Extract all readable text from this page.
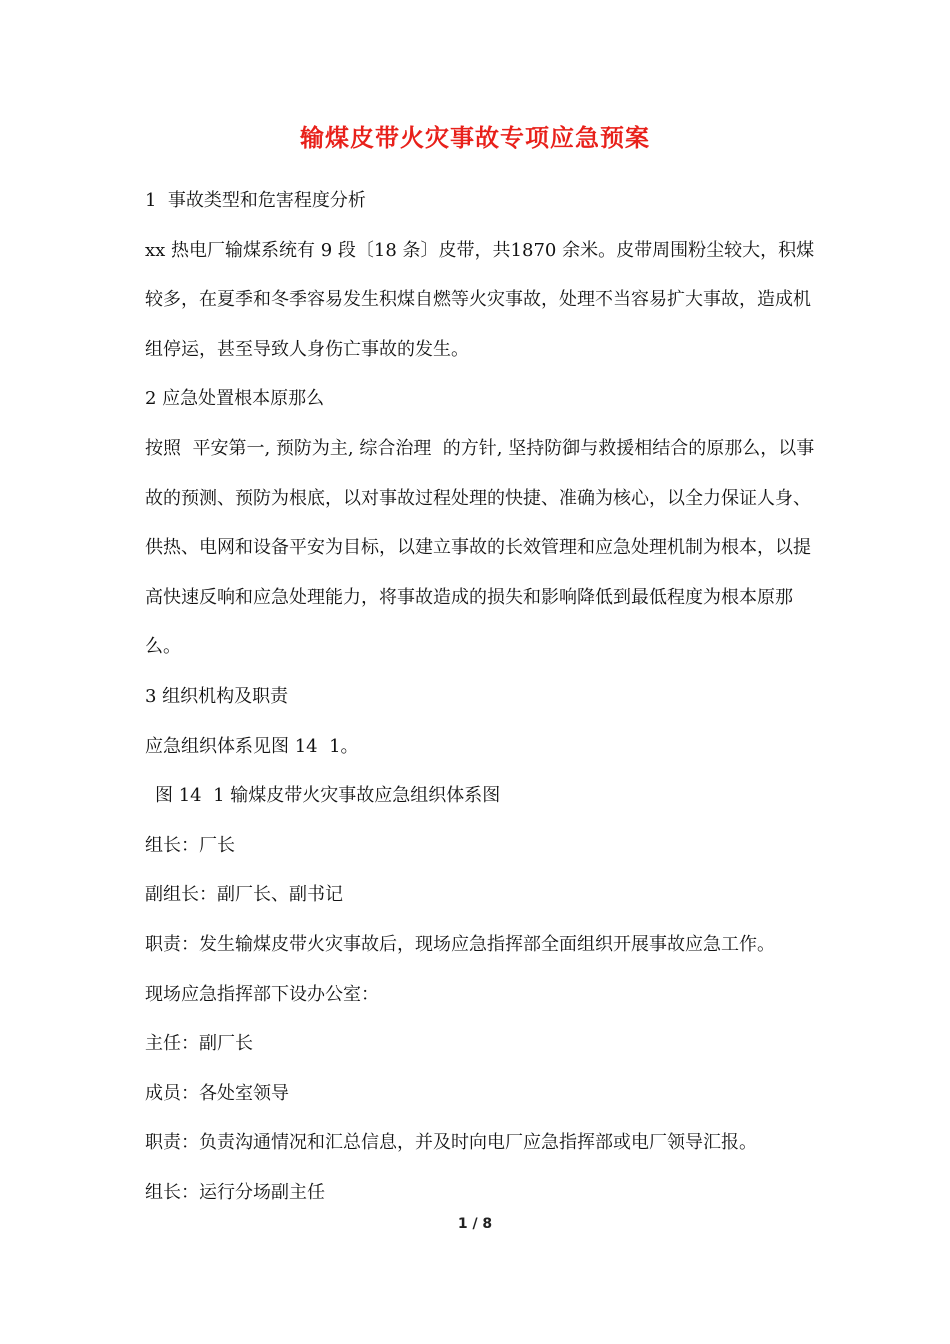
输煤皮带火灾事故专项应急预案

1  事故类型和危害程度分析

xx 热电厂输煤系统有 9 段〔18 条〕皮带，共1870 余米。皮带周围粉尘较大，积煤较多，在夏季和冬季容易发生积煤自燃等火灾事故，处理不当容易扩大事故，造成机组停运，甚至导致人身伤亡事故的发生。

2 应急处置根本原那么

按照  平安第一, 预防为主, 综合治理  的方针, 坚持防御与救援相结合的原那么，以事故的预测、预防为根底，以对事故过程处理的快捷、准确为核心，以全力保证人身、供热、电网和设备平安为目标，以建立事故的长效管理和应急处理机制为根本，以提高快速反响和应急处理能力，将事故造成的损失和影响降低到最低程度为根本原那么。

3 组织机构及职责

应急组织体系见图 14  1。

图 14  1 输煤皮带火灾事故应急组织体系图

组长：厂长

副组长：副厂长、副书记

职责：发生输煤皮带火灾事故后，现场应急指挥部全面组织开展事故应急工作。

现场应急指挥部下设办公室：

主任：副厂长

成员：各处室领导

职责：负责沟通情况和汇总信息，并及时向电厂应急指挥部或电厂领导汇报。

组长：运行分场副主任

1 / 8
